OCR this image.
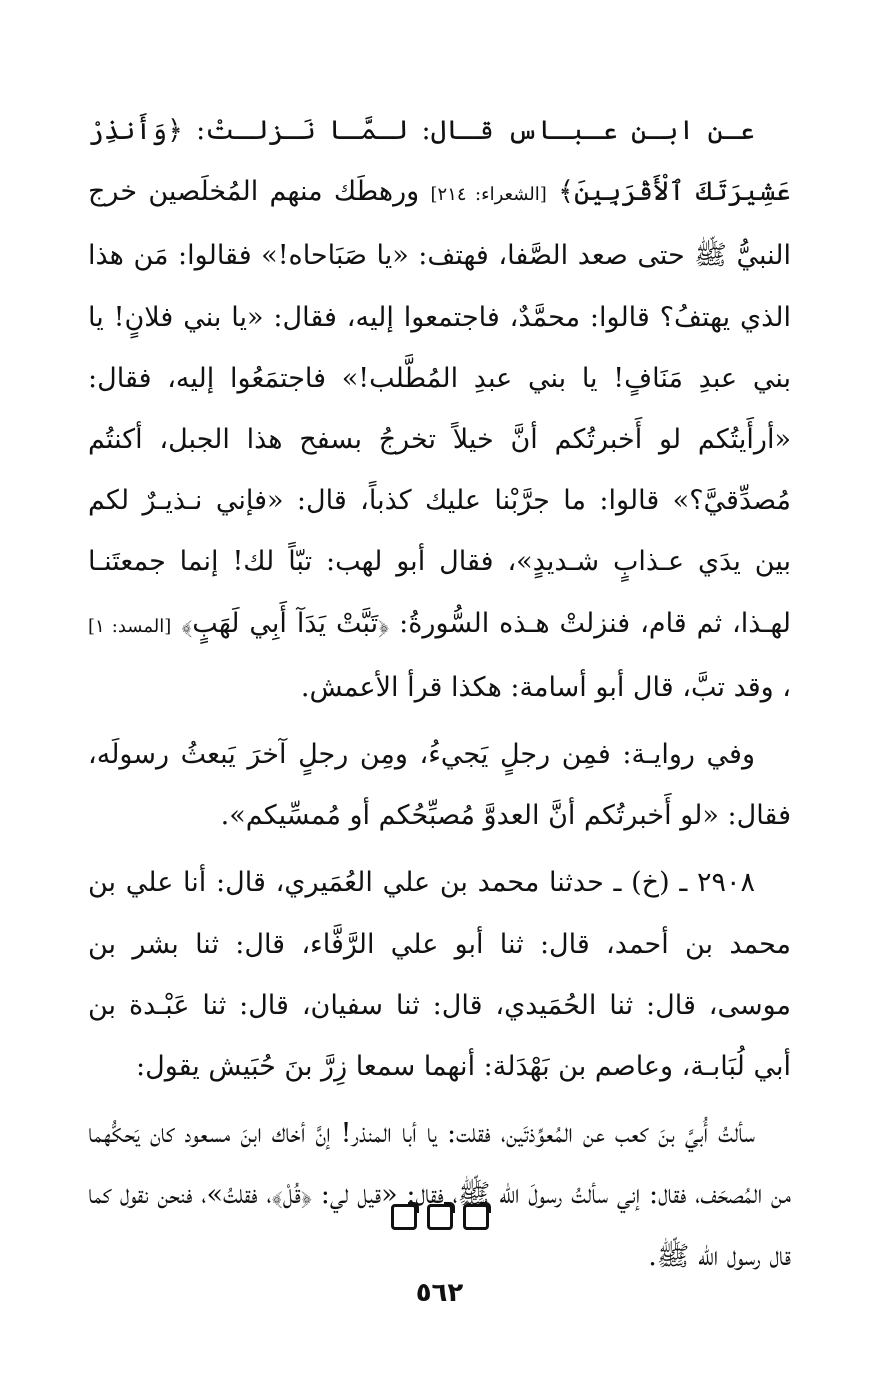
عـن ابـن عـبـاس قـال: لـمَّـا نَـزلـتْ: ﴿وَأَنذِرْ عَشِيرَتَكَ ٱلْأَقْرَبِينَ﴾ [الشعراء: ٢١٤] ورهطَك منهم المُخلَصين خرج النبيُّ ﷺ حتى صعد الصَّفا، فهتف: «يا صَبَاحاه!» فقالوا: مَن هذا الذي يهتفُ؟ قالوا: محمَّدٌ، فاجتمعوا إليه، فقال: «يا بني فلانٍ! يا بني عبدِ مَنَافٍ! يا بني عبدِ المُطَّلب!» فاجتمَعُوا إليه، فقال: «أرأَيتُكم لو أَخبرتُكم أنَّ خيلاً تخرجُ بسفح هذا الجبل، أكنتُم مُصدِّقيَّ؟» قالوا: ما جرَّبْنا عليك كذباً، قال: «فإني نـذيـرٌ لكم بين يدَي عـذابٍ شـديدٍ»، فقال أبو لهب: تبّاً لك! إنما جمعتَنـا لهـذا، ثم قام، فنزلتْ هـذه السُّورةُ: ﴿تَبَّتْ يَدَآ أَبِي لَهَبٍ﴾ [المسد: ١] ، وقد تبَّ، قال أبو أسامة: هكذا قرأ الأعمش.

وفي روايـة: فمِن رجلٍ يَجيءُ، ومِن رجلٍ آخرَ يَبعثُ رسولَه، فقال: «لو أَخبرتُكم أنَّ العدوَّ مُصبِّحُكم أو مُمسِّيكم».

٢٩٠٨ ـ (خ) ـ حدثنا محمد بن علي العُمَيري، قال: أنا علي بن محمد بن أحمد، قال: ثنا أبو علي الرَّفَّاء، قال: ثنا بشر بن موسى، قال: ثنا الحُمَيدي، قال: ثنا سفيان، قال: ثنا عَبْـدة بن أبي لُبَابـة، وعاصم بن بَهْدَلة: أنهما سمعا زِرَّ بنَ حُبَيش يقول:

سألتُ أُبيَّ بنَ كعب عن المُعوِّذتَين، فقلت: يا أبا المنذر! إنَّ أخاك ابنَ مسعود كان يَحكُّهما من المُصحَف، فقال: إني سألتُ رسولَ الله ﷺ، فقال: «قيل لي: ﴿قُلْ﴾، فقلتُ»، فنحن نقول كما قال رسول الله ﷺ.

٥٦٢
